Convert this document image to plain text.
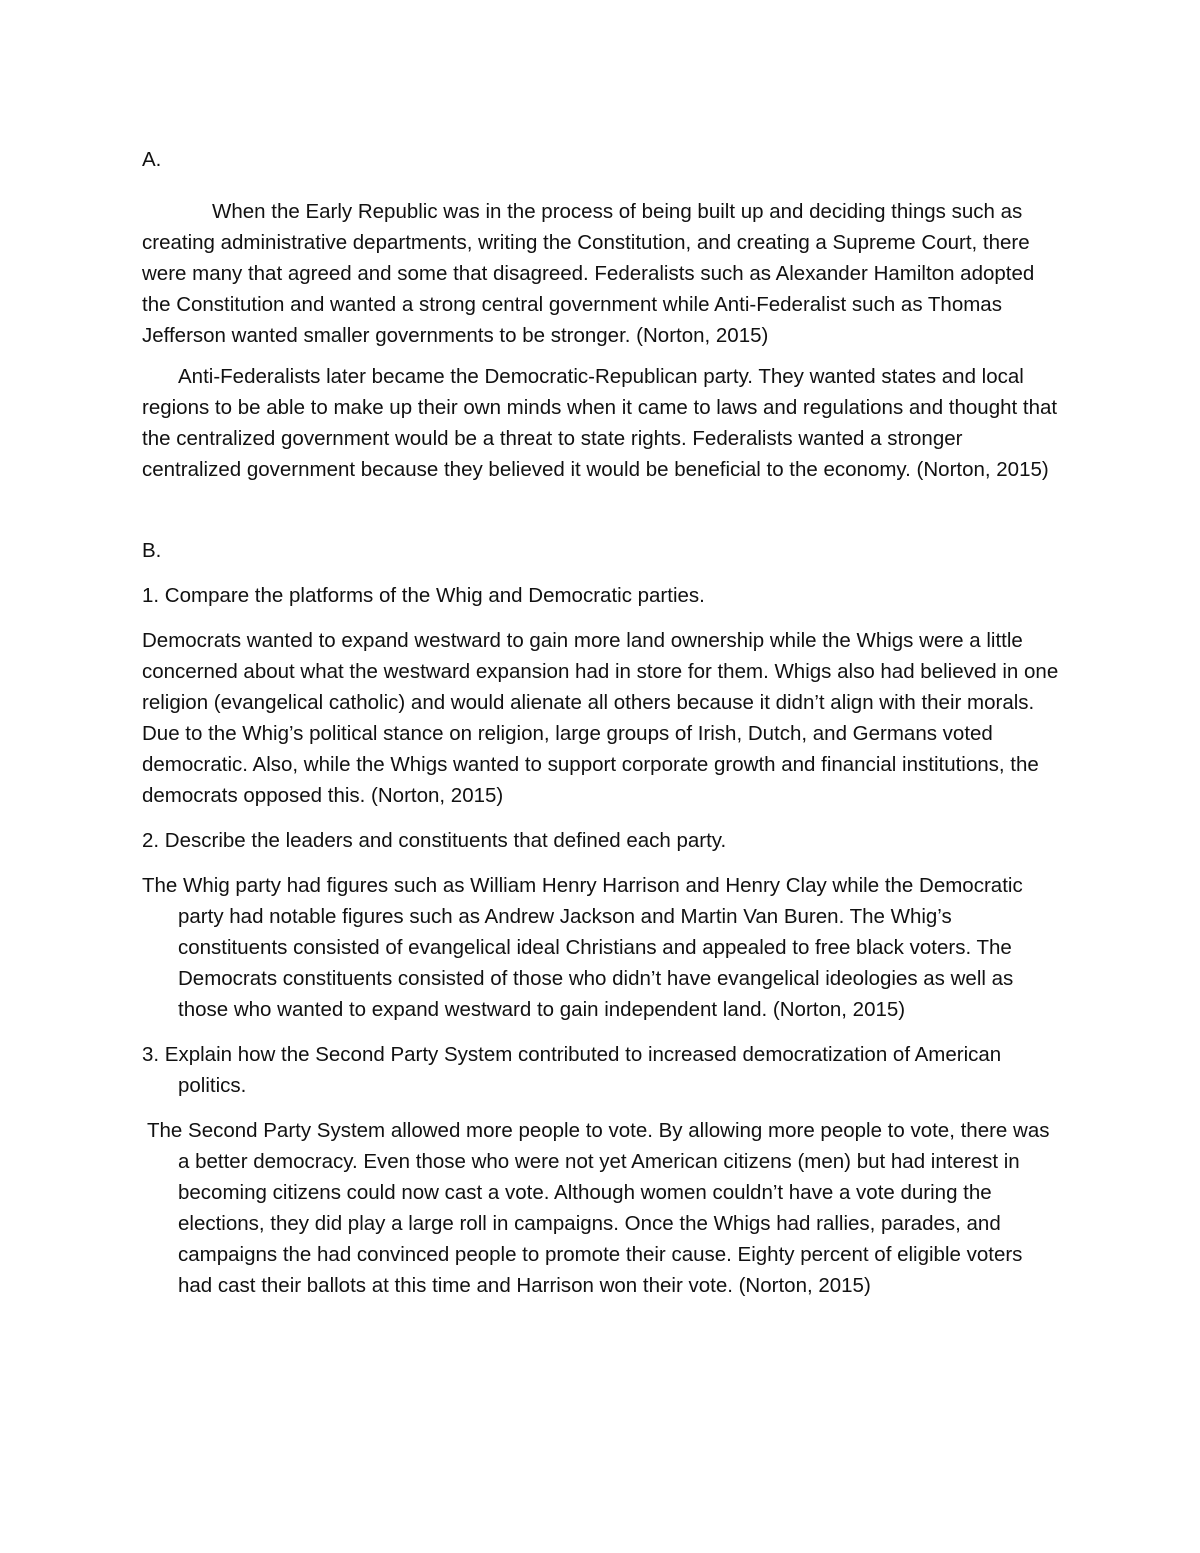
A.

When the Early Republic was in the process of being built up and deciding things such as creating administrative departments, writing the Constitution, and creating a Supreme Court, there were many that agreed and some that disagreed. Federalists such as Alexander Hamilton adopted the Constitution and wanted a strong central government while Anti-Federalist such as Thomas Jefferson wanted smaller governments to be stronger. (Norton, 2015)

Anti-Federalists later became the Democratic-Republican party. They wanted states and local regions to be able to make up their own minds when it came to laws and regulations and thought that the centralized government would be a threat to state rights. Federalists wanted a stronger centralized government because they believed it would be beneficial to the economy. (Norton, 2015)

B.

1. Compare the platforms of the Whig and Democratic parties.

Democrats wanted to expand westward to gain more land ownership while the Whigs were a little concerned about what the westward expansion had in store for them. Whigs also had believed in one religion (evangelical catholic) and would alienate all others because it didn’t align with their morals. Due to the Whig’s political stance on religion, large groups of Irish, Dutch, and Germans voted democratic. Also, while the Whigs wanted to support corporate growth and financial institutions, the democrats opposed this. (Norton, 2015)

2. Describe the leaders and constituents that defined each party.

The Whig party had figures such as William Henry Harrison and Henry Clay while the Democratic party had notable figures such as Andrew Jackson and Martin Van Buren. The Whig’s constituents consisted of evangelical ideal Christians and appealed to free black voters. The Democrats constituents consisted of those who didn’t have evangelical ideologies as well as those who wanted to expand westward to gain independent land. (Norton, 2015)

3. Explain how the Second Party System contributed to increased democratization of American politics.

The Second Party System allowed more people to vote. By allowing more people to vote, there was a better democracy. Even those who were not yet American citizens (men) but had interest in becoming citizens could now cast a vote. Although women couldn’t have a vote during the elections, they did play a large roll in campaigns. Once the Whigs had rallies, parades, and campaigns the had convinced people to promote their cause. Eighty percent of eligible voters had cast their ballots at this time and Harrison won their vote. (Norton, 2015)
